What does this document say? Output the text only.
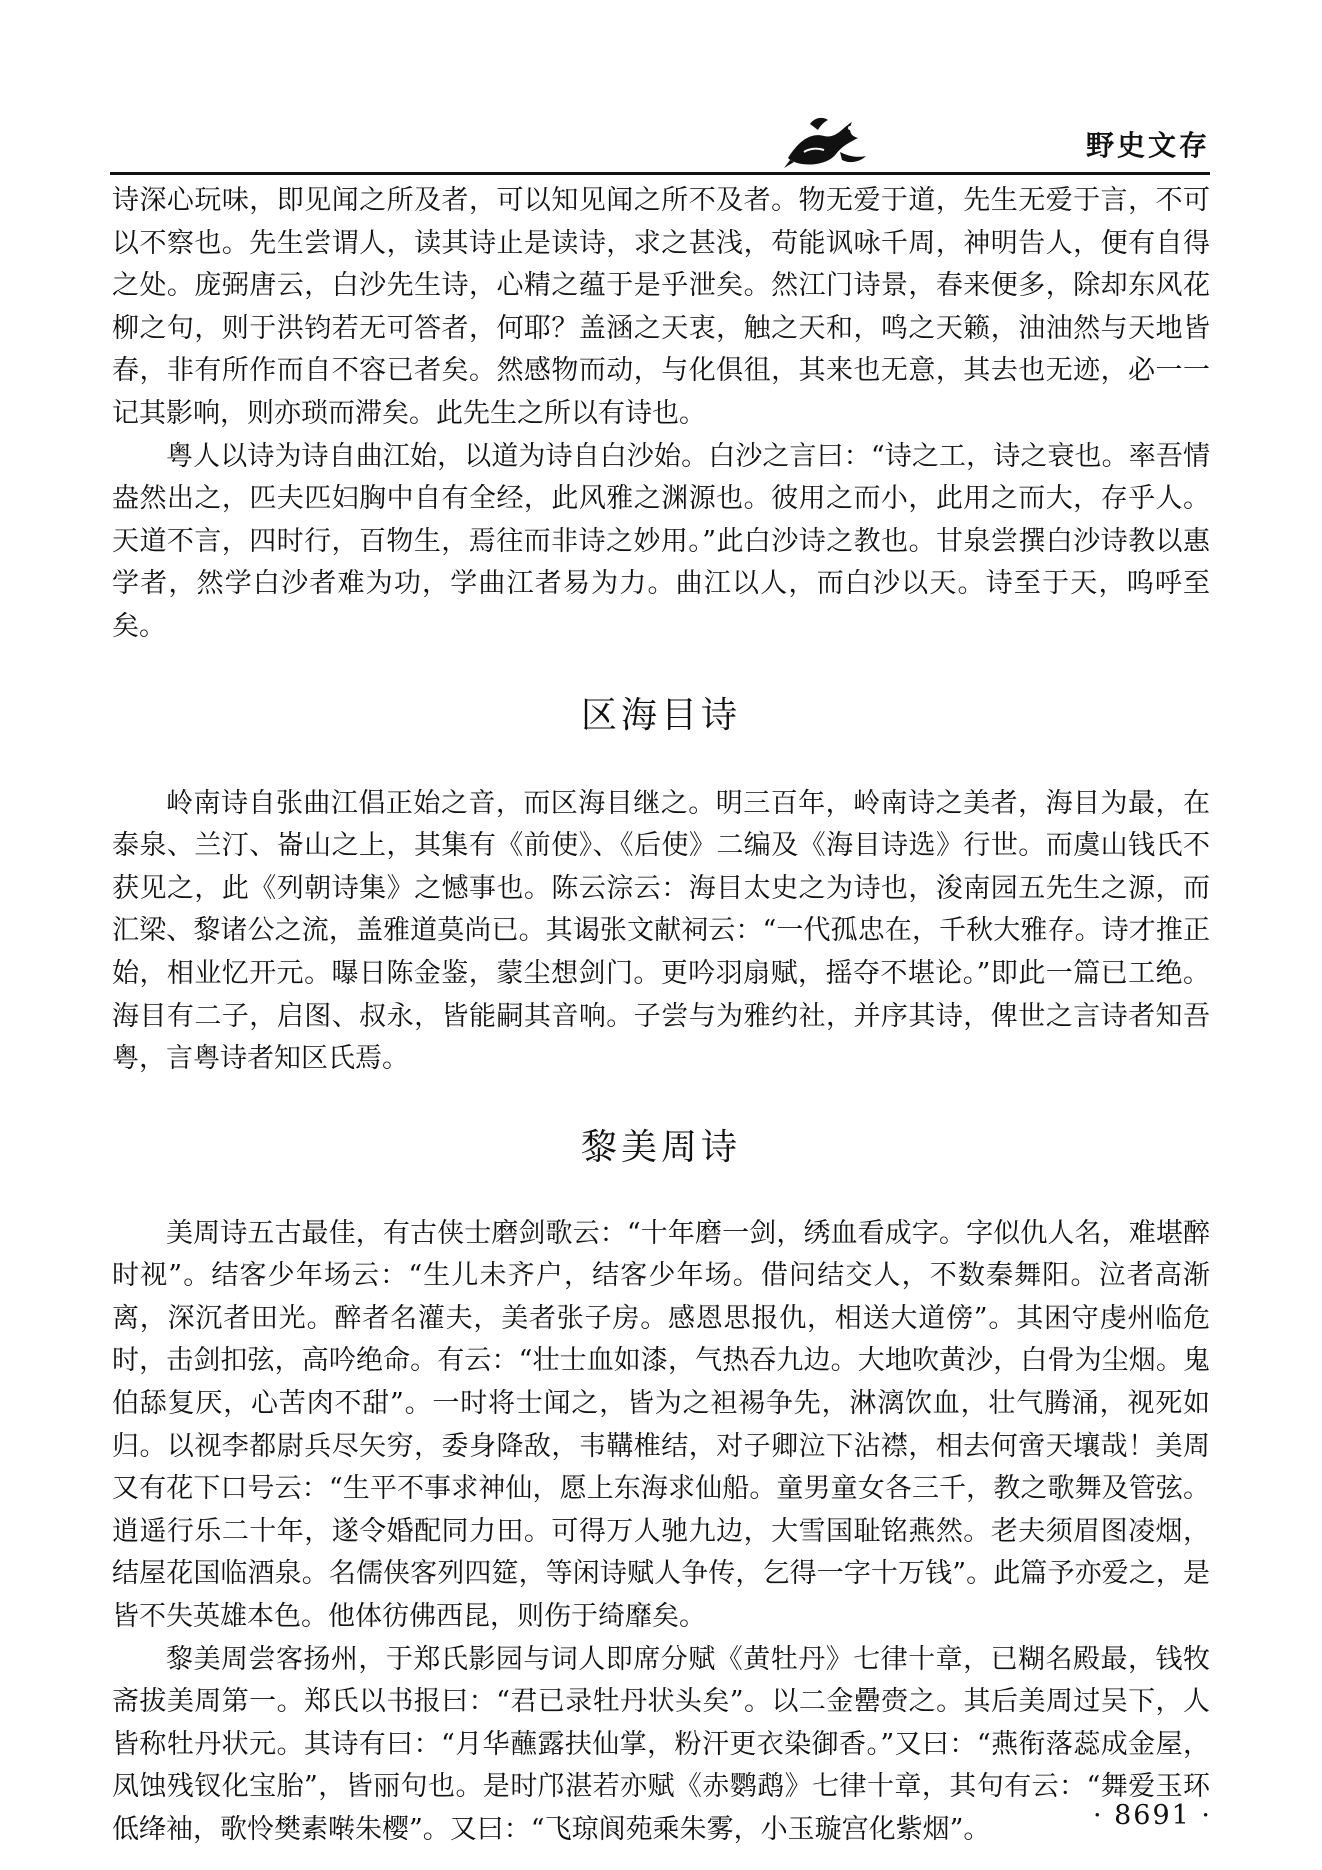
野史文存

诗深心玩味，即见闻之所及者，可以知见闻之所不及者。物无爱于道，先生无爱于言，不可以不察也。先生尝谓人，读其诗止是读诗，求之甚浅，苟能讽咏千周，神明告人，便有自得之处。庞弼唐云，白沙先生诗，心精之蕴于是乎泄矣。然江门诗景，春来便多，除却东风花柳之句，则于洪钧若无可答者，何耶？盖涵之天衷，触之天和，鸣之天籁，油油然与天地皆春，非有所作而自不容已者矣。然感物而动，与化俱徂，其来也无意，其去也无迹，必一一记其影响，则亦琐而滞矣。此先生之所以有诗也。

粤人以诗为诗自曲江始，以道为诗自白沙始。白沙之言曰：“诗之工，诗之衰也。率吾情盎然出之，匹夫匹妇胸中自有全经，此风雅之渊源也。彼用之而小，此用之而大，存乎人。天道不言，四时行，百物生，焉往而非诗之妙用。”此白沙诗之教也。甘泉尝撰白沙诗教以惠学者，然学白沙者难为功，学曲江者易为力。曲江以人，而白沙以天。诗至于天，呜呼至矣。

区海目诗

岭南诗自张曲江倡正始之音，而区海目继之。明三百年，岭南诗之美者，海目为最，在泰泉、兰汀、崙山之上，其集有《前使》、《后使》二编及《海目诗选》行世。而虞山钱氏不获见之，此《列朝诗集》之憾事也。陈云淙云：海目太史之为诗也，浚南园五先生之源，而汇梁、黎诸公之流，盖雅道莫尚已。其谒张文献祠云：“一代孤忠在，千秋大雅存。诗才推正始，相业忆开元。曝日陈金鉴，蒙尘想剑门。更吟羽扇赋，摇夺不堪论。”即此一篇已工绝。海目有二子，启图、叔永，皆能嗣其音响。子尝与为雅约社，并序其诗，俾世之言诗者知吾粤，言粤诗者知区氏焉。

黎美周诗

美周诗五古最佳，有古侠士磨剑歌云：“十年磨一剑，绣血看成字。字似仇人名，难堪醉时视”。结客少年场云：“生儿未齐户，结客少年场。借问结交人，不数秦舞阳。泣者高渐离，深沉者田光。醉者名灌夫，美者张子房。感恩思报仇，相送大道傍”。其困守虔州临危时，击剑扣弦，高吟绝命。有云：“壮士血如漆，气热吞九边。大地吹黄沙，白骨为尘烟。鬼伯舔复厌，心苦肉不甜”。一时将士闻之，皆为之袒裼争先，淋漓饮血，壮气腾涌，视死如归。以视李都尉兵尽矢穷，委身降敌，韦鞲椎结，对子卿泣下沾襟，相去何啻天壤哉！美周又有花下口号云：“生平不事求神仙，愿上东海求仙船。童男童女各三千，教之歌舞及管弦。逍遥行乐二十年，遂令婚配同力田。可得万人驰九边，大雪国耻铭燕然。老夫须眉图凌烟，结屋花国临酒泉。名儒侠客列四筵，等闲诗赋人争传，乞得一字十万钱”。此篇予亦爱之，是皆不失英雄本色。他体彷佛西昆，则伤于绮靡矣。

黎美周尝客扬州，于郑氏影园与词人即席分赋《黄牡丹》七律十章，已糊名殿最，钱牧斋拔美周第一。郑氏以书报曰：“君已录牡丹状头矣”。以二金罍赍之。其后美周过吴下，人皆称牡丹状元。其诗有曰：“月华蘸露扶仙掌，粉汗更衣染御香。”又曰：“燕衔落蕊成金屋，凤蚀残钗化宝胎”，皆丽句也。是时邝湛若亦赋《赤鹦鹉》七律十章，其句有云：“舞爱玉环低绛袖，歌怜樊素啭朱樱”。又曰：“飞琼阆苑乘朱雾，小玉璇宫化紫烟”。	· 8691 ·
